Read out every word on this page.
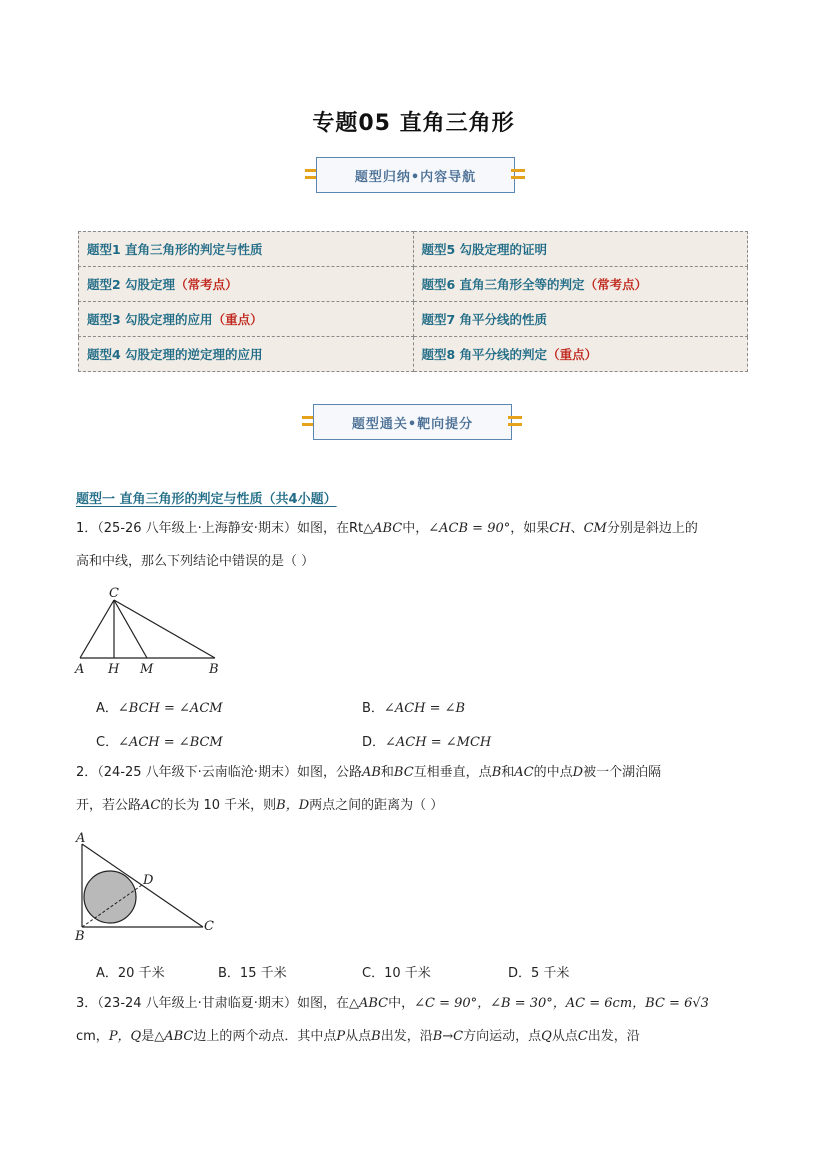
专题05 直角三角形
题型归纳•内容导航
题型1 直角三角形的判定与性质	题型5 勾股定理的证明
题型2 勾股定理（常考点）	题型6 直角三角形全等的判定（常考点）
题型3 勾股定理的应用（重点）	题型7 角平分线的性质
题型4 勾股定理的逆定理的应用	题型8 角平分线的判定（重点）
题型通关•靶向提分
题型一 直角三角形的判定与性质（共4小题）
1．（25-26 八年级上·上海静安·期末）如图，在Rt△ABC中，∠ACB = 90°，如果CH、CM分别是斜边上的
高和中线，那么下列结论中错误的是（ ）
C
A H M	B
A．∠BCH = ∠ACM	B．∠ACH = ∠B
C．∠ACH = ∠BCM	D．∠ACH = ∠MCH
2．（24-25 八年级下·云南临沧·期末）如图，公路AB和BC互相垂直，点B和AC的中点D被一个湖泊隔
开，若公路AC的长为 10 千米，则B，D两点之间的距离为（ ）
A
D
B
C
A．20 千米	B．15 千米	C．10 千米	D．5 千米
3．（23-24 八年级上·甘肃临夏·期末）如图，在△ABC中，∠C = 90°，∠B = 30°，AC = 6cm，BC = 6√3
cm，P，Q是△ABC边上的两个动点．其中点P从点B出发，沿B→C方向运动，点Q从点C出发，沿
